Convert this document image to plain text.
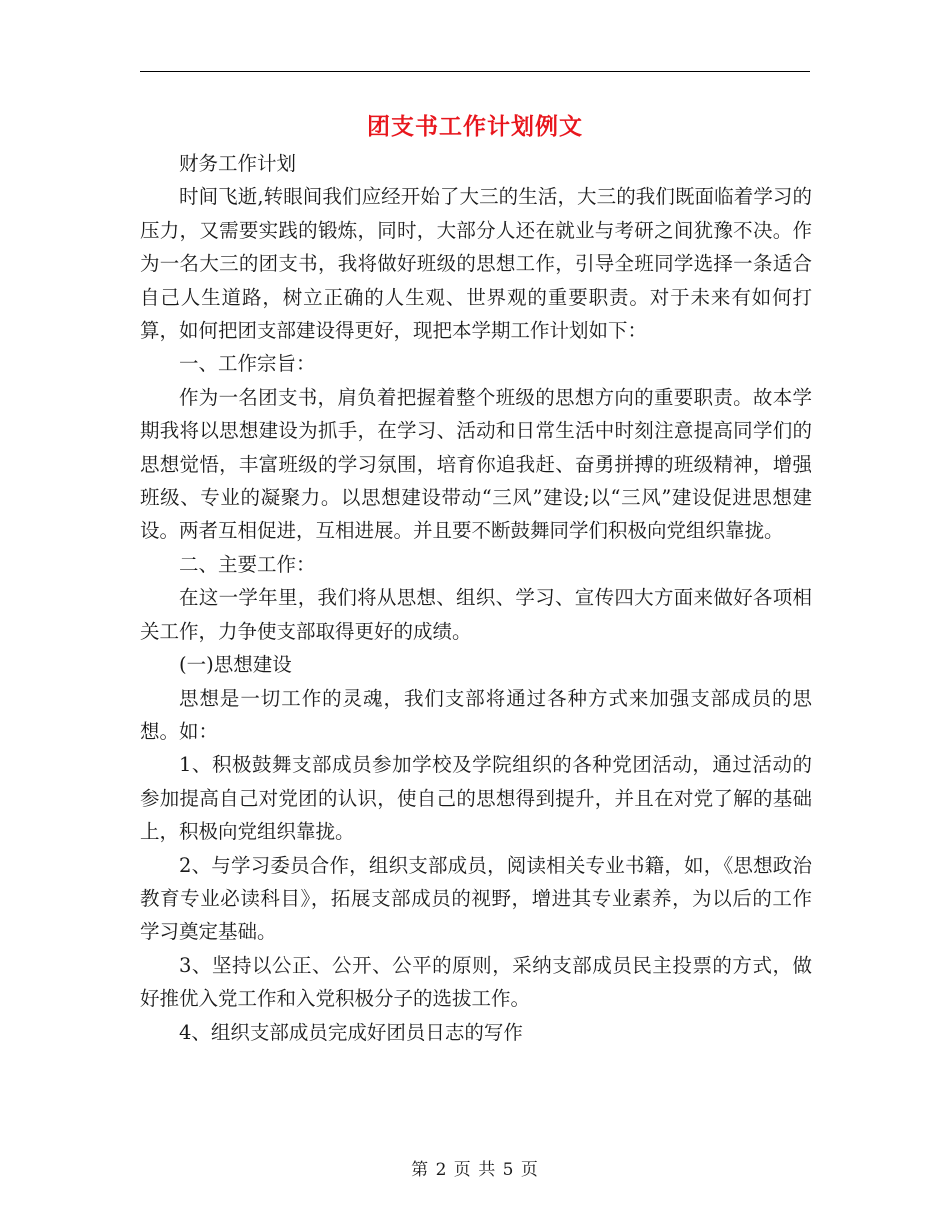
团支书工作计划例文

财务工作计划

时间飞逝,转眼间我们应经开始了大三的生活，大三的我们既面临着学习的压力，又需要实践的锻炼，同时，大部分人还在就业与考研之间犹豫不决。作为一名大三的团支书，我将做好班级的思想工作，引导全班同学选择一条适合自己人生道路，树立正确的人生观、世界观的重要职责。对于未来有如何打算，如何把团支部建设得更好，现把本学期工作计划如下：

一、工作宗旨：

作为一名团支书，肩负着把握着整个班级的思想方向的重要职责。故本学期我将以思想建设为抓手，在学习、活动和日常生活中时刻注意提高同学们的思想觉悟，丰富班级的学习氛围，培育你追我赶、奋勇拼搏的班级精神，增强班级、专业的凝聚力。以思想建设带动“三风”建设;以“三风”建设促进思想建设。两者互相促进，互相进展。并且要不断鼓舞同学们积极向党组织靠拢。

二、主要工作：

在这一学年里，我们将从思想、组织、学习、宣传四大方面来做好各项相关工作，力争使支部取得更好的成绩。

(一)思想建设

思想是一切工作的灵魂，我们支部将通过各种方式来加强支部成员的思想。如：

1、积极鼓舞支部成员参加学校及学院组织的各种党团活动，通过活动的参加提高自己对党团的认识，使自己的思想得到提升，并且在对党了解的基础上，积极向党组织靠拢。

2、与学习委员合作，组织支部成员，阅读相关专业书籍，如，《思想政治教育专业必读科目》，拓展支部成员的视野，增进其专业素养，为以后的工作学习奠定基础。

3、坚持以公正、公开、公平的原则，采纳支部成员民主投票的方式，做好推优入党工作和入党积极分子的选拔工作。

4、组织支部成员完成好团员日志的写作

第 2 页 共 5 页
